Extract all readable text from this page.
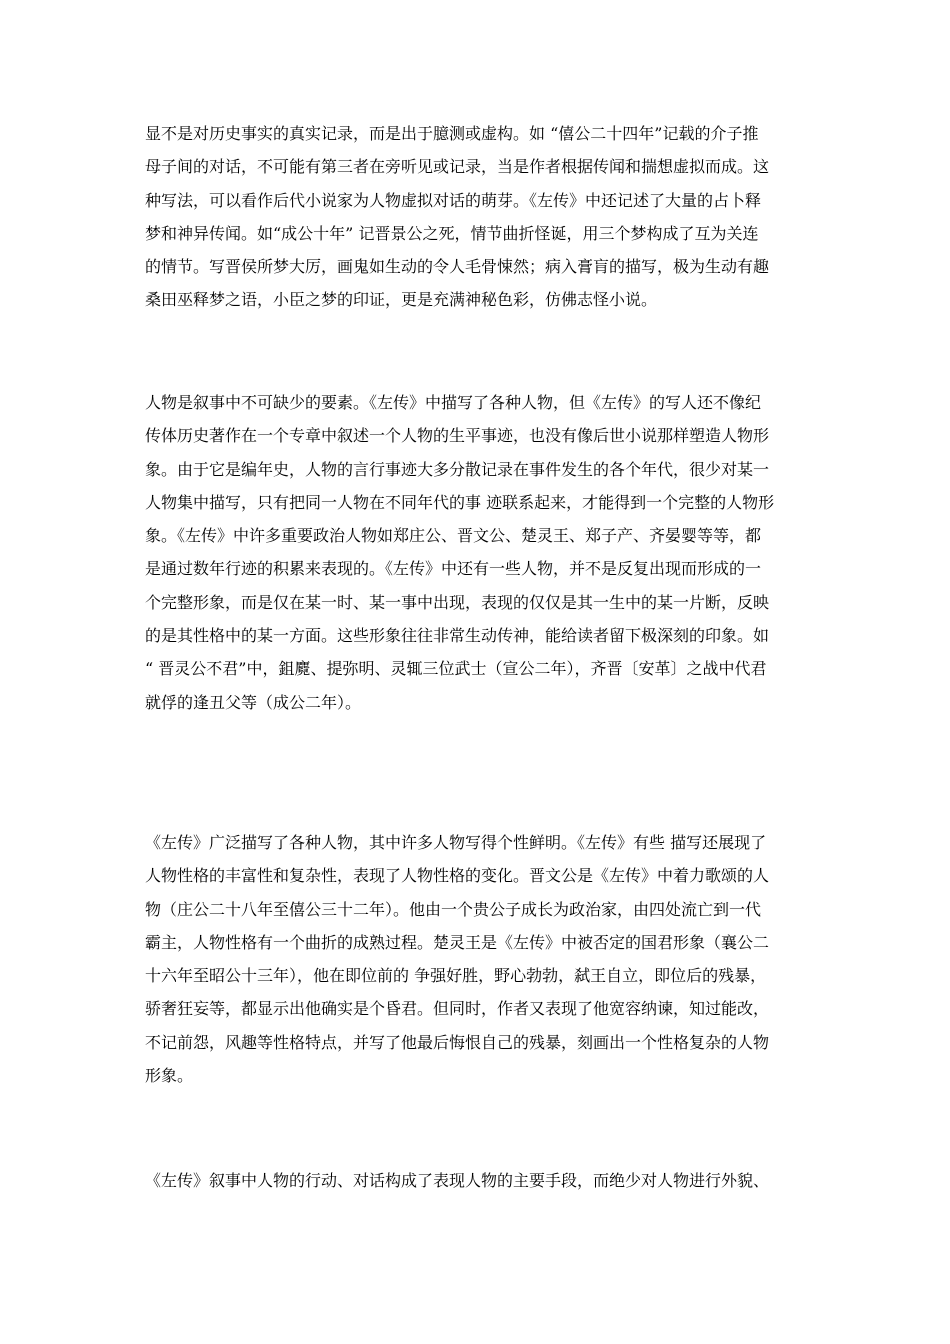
显不是对历史事实的真实记录，而是出于臆测或虚构。如 “僖公二十四年”记载的介子推
母子间的对话，不可能有第三者在旁听见或记录，当是作者根据传闻和揣想虚拟而成。这
种写法，可以看作后代小说家为人物虚拟对话的萌芽。《左传》中还记述了大量的占卜释
梦和神异传闻。如“成公十年” 记晋景公之死，情节曲折怪诞，用三个梦构成了互为关连
的情节。写晋侯所梦大厉，画鬼如生动的令人毛骨悚然；病入膏肓的描写，极为生动有趣
桑田巫释梦之语，小臣之梦的印证，更是充满神秘色彩，仿佛志怪小说。
人物是叙事中不可缺少的要素。《左传》中描写了各种人物，但《左传》的写人还不像纪
传体历史著作在一个专章中叙述一个人物的生平事迹，也没有像后世小说那样塑造人物形
象。由于它是编年史，人物的言行事迹大多分散记录在事件发生的各个年代，很少对某一
人物集中描写，只有把同一人物在不同年代的事 迹联系起来，才能得到一个完整的人物形
象。《左传》中许多重要政治人物如郑庄公、晋文公、楚灵王、郑子产、齐晏婴等等，都
是通过数年行迹的积累来表现的。《左传》中还有一些人物，并不是反复出现而形成的一
个完整形象，而是仅在某一时、某一事中出现，表现的仅仅是其一生中的某一片断，反映
的是其性格中的某一方面。这些形象往往非常生动传神，能给读者留下极深刻的印象。如
“ 晋灵公不君”中，鉏麑、提弥明、灵辄三位武士（宣公二年），齐晋〔安革〕之战中代君
就俘的逢丑父等（成公二年）。
《左传》广泛描写了各种人物，其中许多人物写得个性鲜明。《左传》有些 描写还展现了
人物性格的丰富性和复杂性，表现了人物性格的变化。晋文公是《左传》中着力歌颂的人
物（庄公二十八年至僖公三十二年）。他由一个贵公子成长为政治家，由四处流亡到一代
霸主，人物性格有一个曲折的成熟过程。楚灵王是《左传》中被否定的国君形象（襄公二
十六年至昭公十三年），他在即位前的 争强好胜，野心勃勃，弑王自立，即位后的残暴，
骄奢狂妄等，都显示出他确实是个昏君。但同时，作者又表现了他宽容纳谏，知过能改，
不记前怨，风趣等性格特点，并写了他最后悔恨自己的残暴，刻画出一个性格复杂的人物
形象。
《左传》叙事中人物的行动、对话构成了表现人物的主要手段，而绝少对人物进行外貌、
